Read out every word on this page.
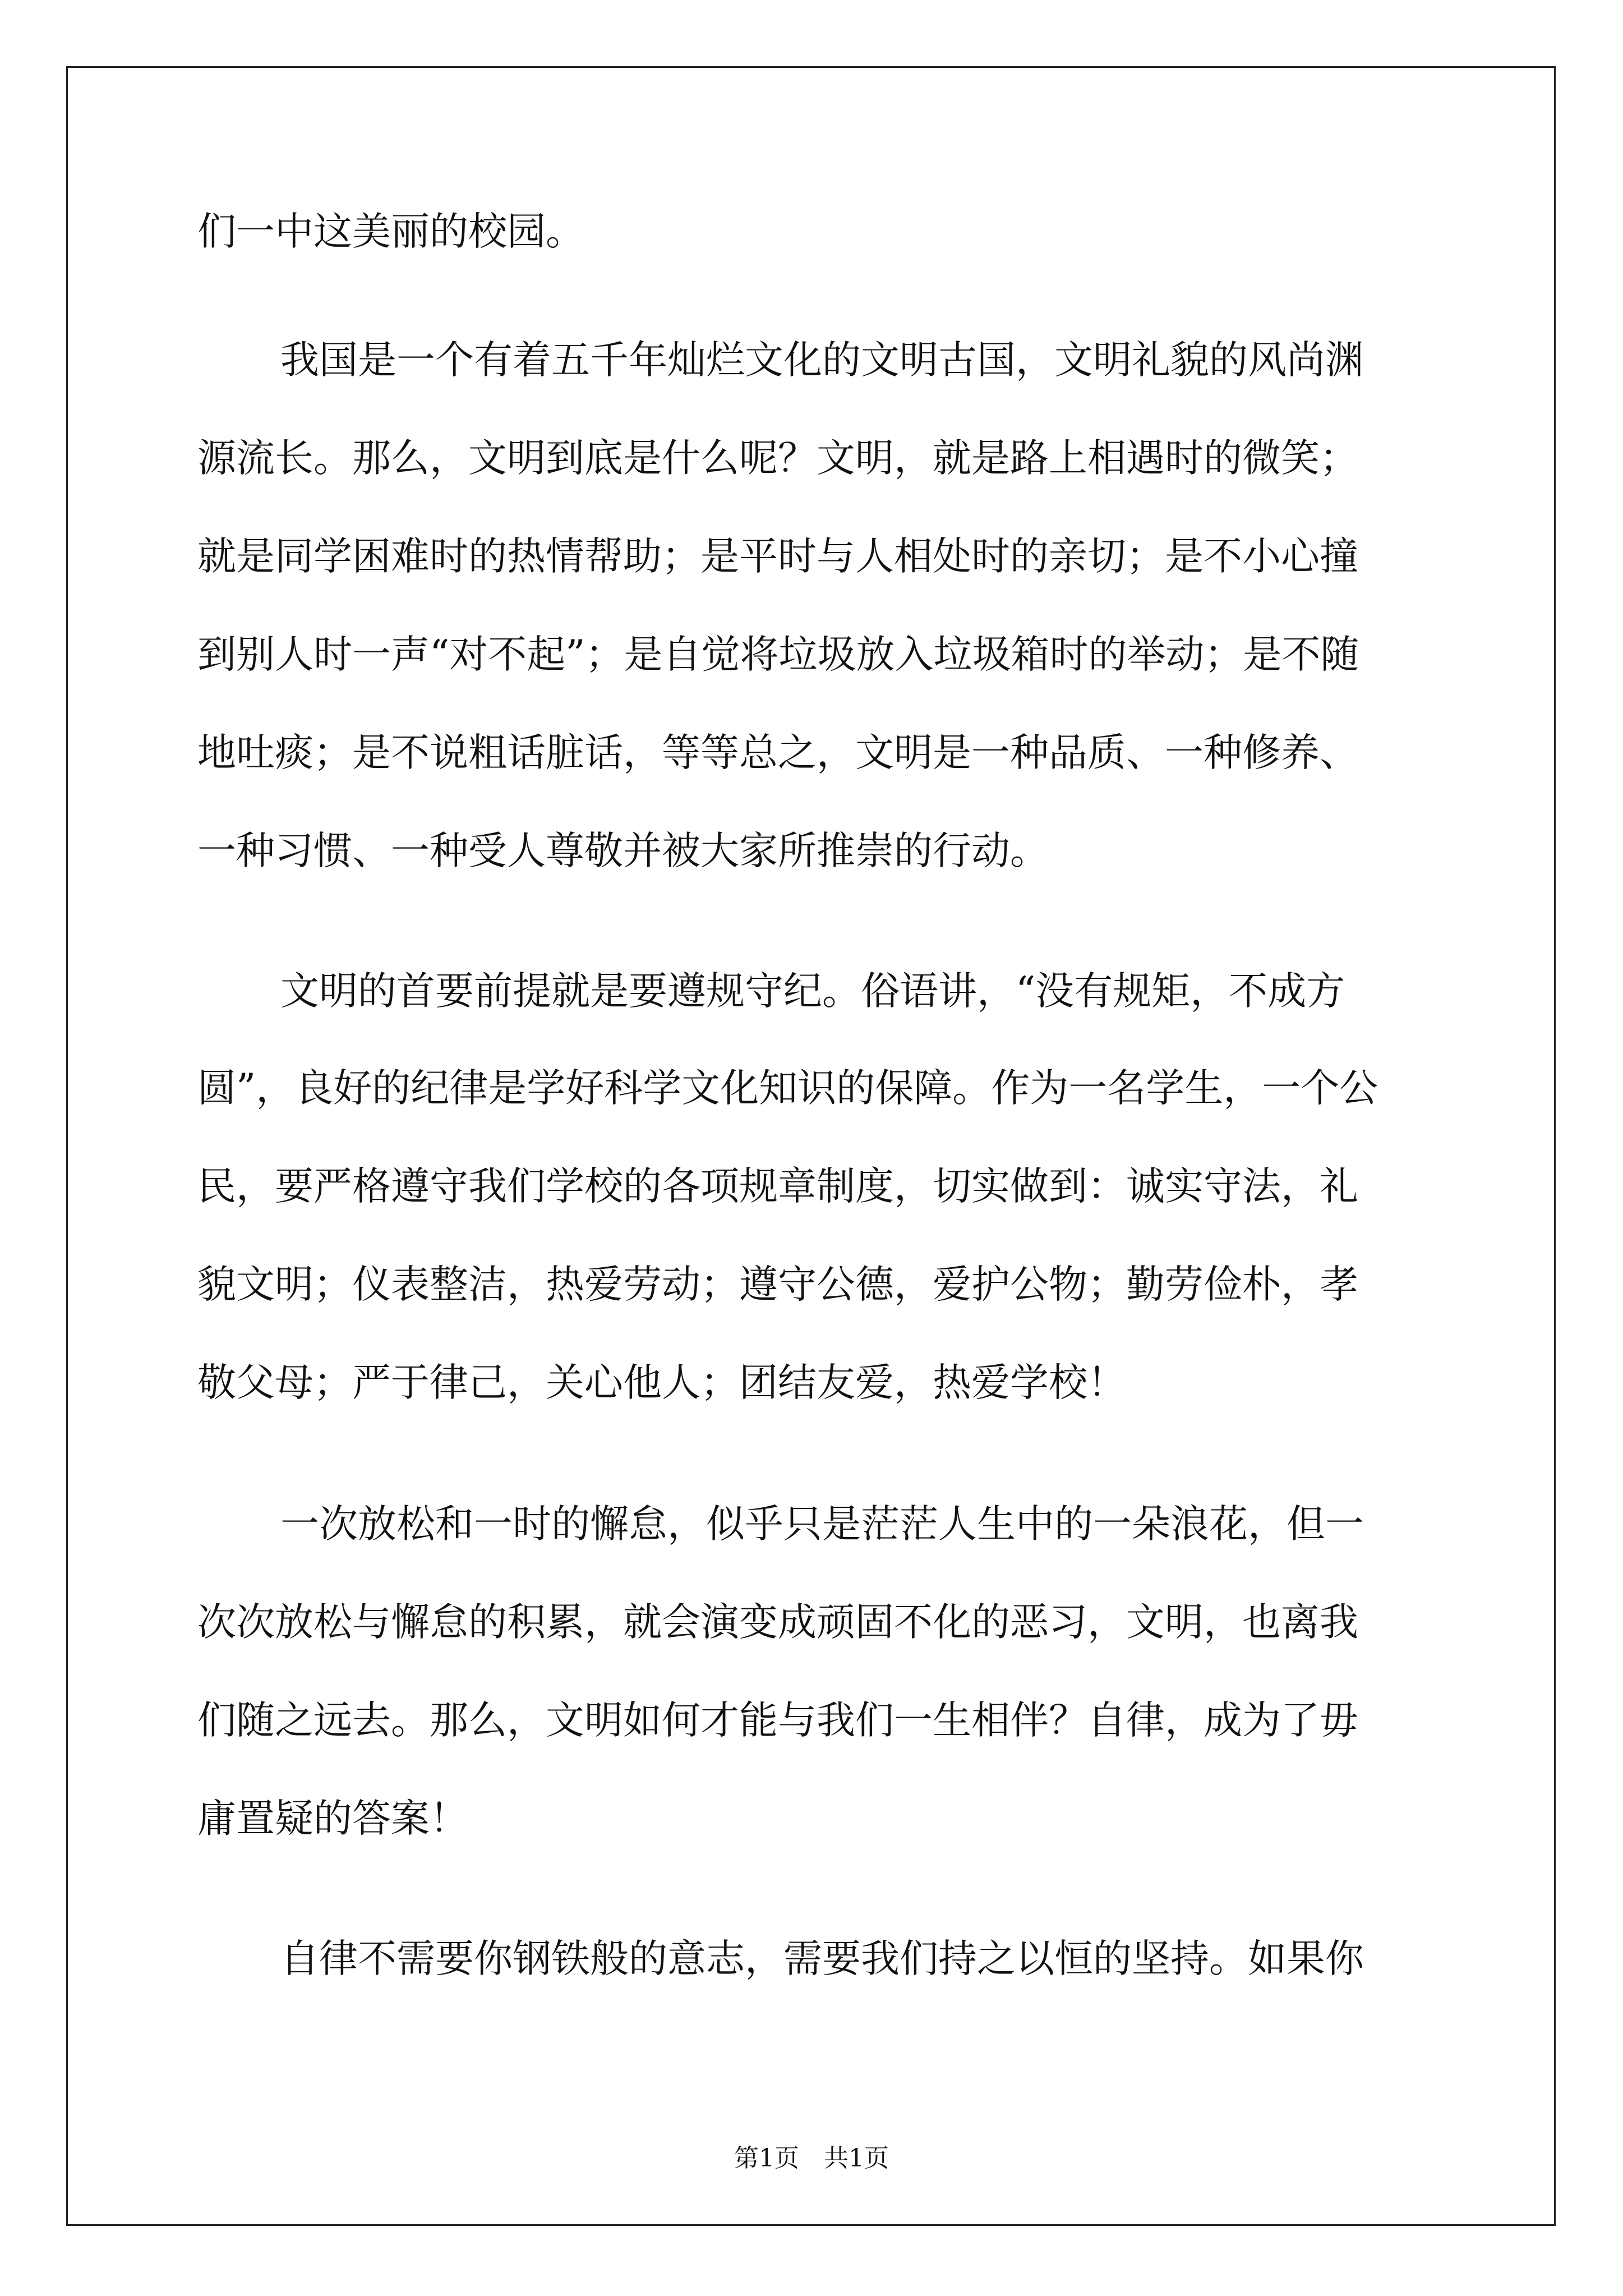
们一中这美丽的校园。
我国是一个有着五千年灿烂文化的文明古国，文明礼貌的风尚渊
源流长。那么，文明到底是什么呢？文明，就是路上相遇时的微笑；
就是同学困难时的热情帮助；是平时与人相处时的亲切；是不小心撞
到别人时一声“对不起”；是自觉将垃圾放入垃圾箱时的举动；是不随
地吐痰；是不说粗话脏话，等等总之，文明是一种品质、一种修养、
一种习惯、一种受人尊敬并被大家所推崇的行动。
文明的首要前提就是要遵规守纪。俗语讲，“没有规矩，不成方
圆”，良好的纪律是学好科学文化知识的保障。作为一名学生，一个公
民，要严格遵守我们学校的各项规章制度，切实做到：诚实守法，礼
貌文明；仪表整洁，热爱劳动；遵守公德，爱护公物；勤劳俭朴，孝
敬父母；严于律己，关心他人；团结友爱，热爱学校！
一次放松和一时的懈怠，似乎只是茫茫人生中的一朵浪花，但一
次次放松与懈怠的积累，就会演变成顽固不化的恶习，文明，也离我
们随之远去。那么，文明如何才能与我们一生相伴？自律，成为了毋
庸置疑的答案！
自律不需要你钢铁般的意志，需要我们持之以恒的坚持。如果你
第1页　共1页
